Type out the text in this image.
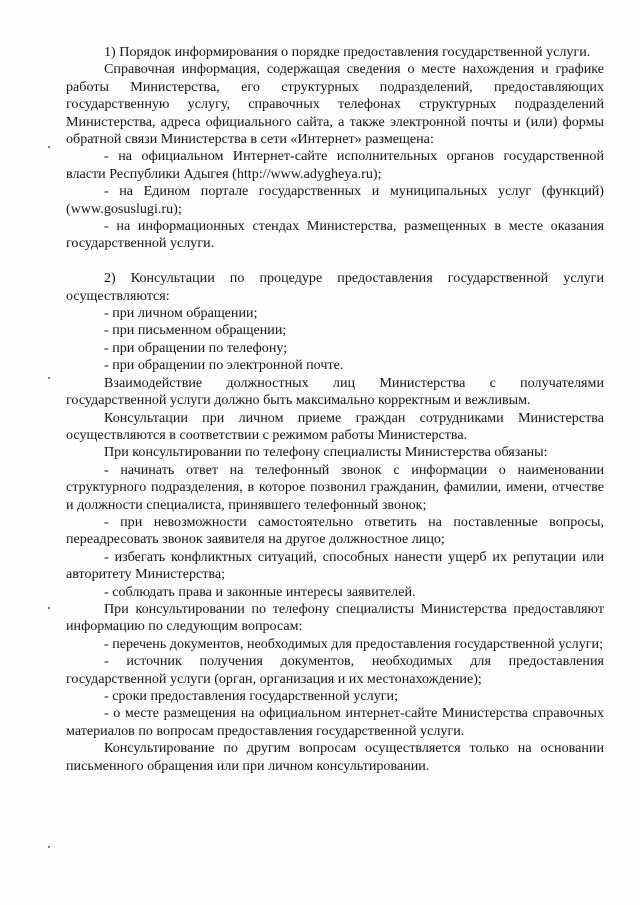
1) Порядок информирования о порядке предоставления государственной услуги.

Справочная информация, содержащая сведения о месте нахождения и графике работы Министерства, его структурных подразделений, предоставляющих государственную услугу, справочных телефонах структурных подразделений Министерства, адреса официального сайта, а также электронной почты и (или) формы обратной связи Министерства в сети «Интернет» размещена:

- на официальном Интернет-сайте исполнительных органов государственной власти Республики Адыгея (http://www.adygheya.ru);

- на Едином портале государственных и муниципальных услуг (функций) (www.gosuslugi.ru);

- на информационных стендах Министерства, размещенных в месте оказания государственной услуги.

2) Консультации по процедуре предоставления государственной услуги осуществляются:

- при личном обращении;

- при письменном обращении;

- при обращении по телефону;

- при обращении по электронной почте.

Взаимодействие должностных лиц Министерства с получателями государственной услуги должно быть максимально корректным и вежливым.

Консультации при личном приеме граждан сотрудниками Министерства осуществляются в соответствии с режимом работы Министерства.

При консультировании по телефону специалисты Министерства обязаны:

- начинать ответ на телефонный звонок с информации о наименовании структурного подразделения, в которое позвонил гражданин, фамилии, имени, отчестве и должности специалиста, принявшего телефонный звонок;

- при невозможности самостоятельно ответить на поставленные вопросы, переадресовать звонок заявителя на другое должностное лицо;

- избегать конфликтных ситуаций, способных нанести ущерб их репутации или авторитету Министерства;

- соблюдать права и законные интересы заявителей.

При консультировании по телефону специалисты Министерства предоставляют информацию по следующим вопросам:

- перечень документов, необходимых для предоставления государственной услуги;

- источник получения документов, необходимых для предоставления государственной услуги (орган, организация и их местонахождение);

- сроки предоставления государственной услуги;

- о месте размещения на официальном интернет-сайте Министерства справочных материалов по вопросам предоставления государственной услуги.

Консультирование по другим вопросам осуществляется только на основании письменного обращения или при личном консультировании.
